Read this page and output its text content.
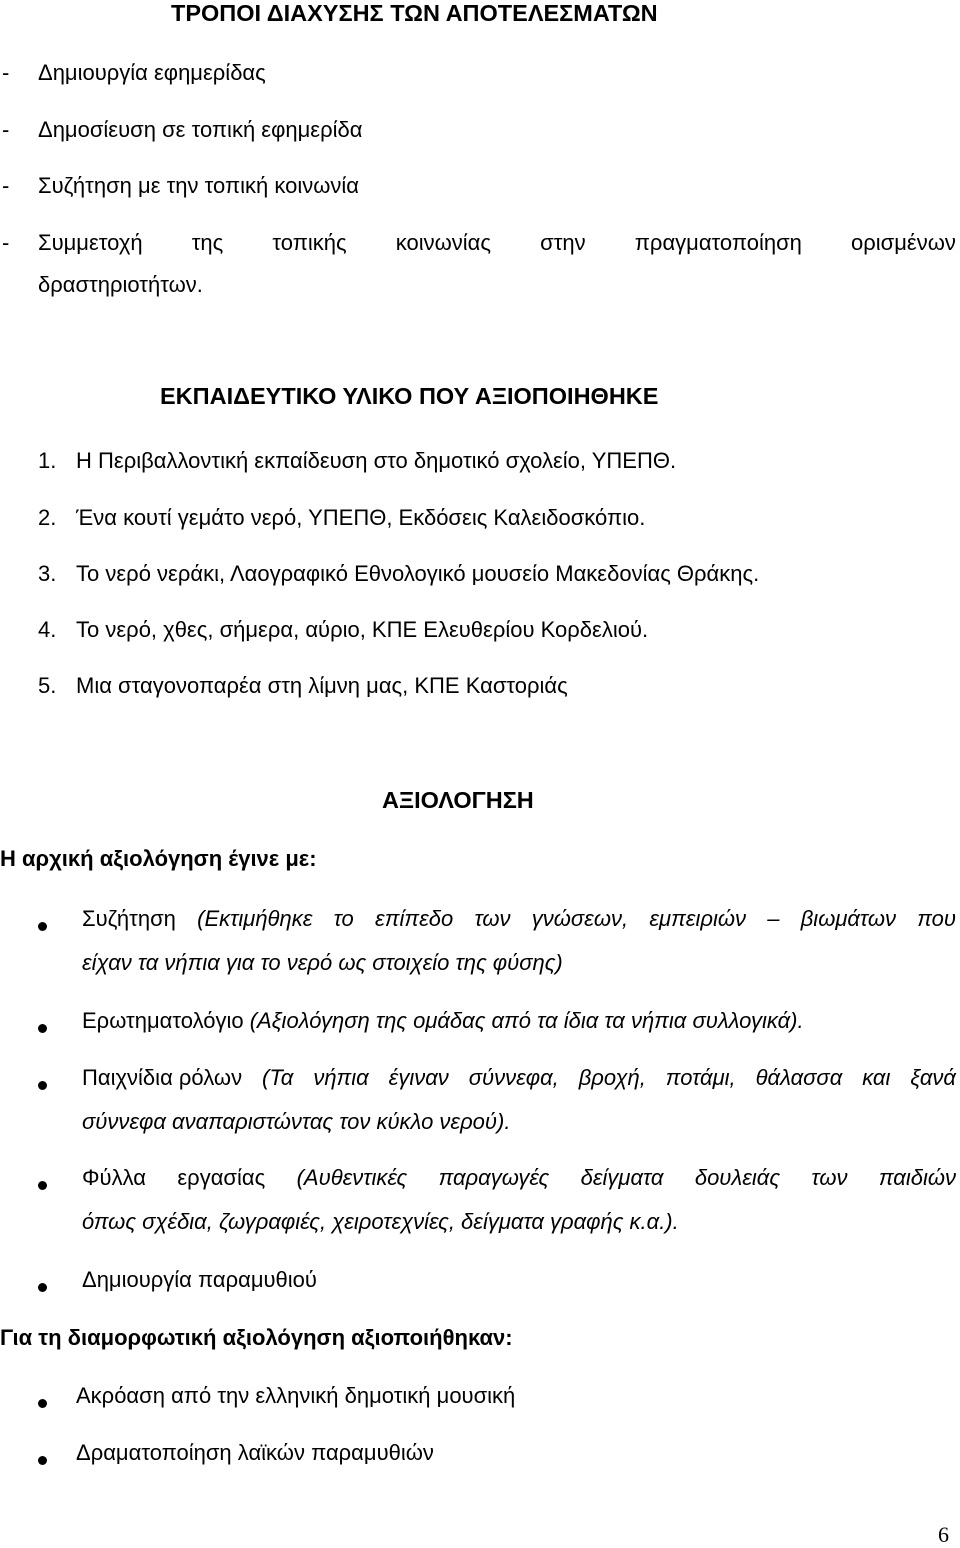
ΤΡΟΠΟΙ ΔΙΑΧΥΣΗΣ ΤΩΝ ΑΠΟΤΕΛΕΣΜΑΤΩΝ
- Δημιουργία εφημερίδας
- Δημοσίευση σε τοπική εφημερίδα
- Συζήτηση με την τοπική κοινωνία
- Συμμετοχή της τοπικής κοινωνίας στην πραγματοποίηση ορισμένων
δραστηριοτήτων.
ΕΚΠΑΙΔΕΥΤΙΚΟ ΥΛΙΚΟ ΠΟΥ ΑΞΙΟΠΟΙΗΘΗΚΕ
1. Η Περιβαλλοντική εκπαίδευση στο δημοτικό σχολείο, ΥΠΕΠΘ.
2. Ένα κουτί γεμάτο νερό, ΥΠΕΠΘ, Εκδόσεις Καλειδοσκόπιο.
3. Το νερό νεράκι, Λαογραφικό Εθνολογικό μουσείο Μακεδονίας Θράκης.
4. Το νερό, χθες, σήμερα, αύριο, ΚΠΕ Ελευθερίου Κορδελιού.
5. Μια σταγονοπαρέα στη λίμνη μας, ΚΠΕ Καστοριάς
ΑΞΙΟΛΟΓΗΣΗ
Η αρχική αξιολόγηση έγινε με:
Συζήτηση (Εκτιμήθηκε το επίπεδο των γνώσεων, εμπειριών – βιωμάτων που
είχαν τα νήπια για το νερό ως στοιχείο της φύσης)
Ερωτηματολόγιο (Αξιολόγηση της ομάδας από τα ίδια τα νήπια συλλογικά).
Παιχνίδια ρόλων (Τα νήπια έγιναν σύννεφα, βροχή, ποτάμι, θάλασσα και ξανά
σύννεφα αναπαριστώντας τον κύκλο νερού).
Φύλλα εργασίας (Αυθεντικές παραγωγές δείγματα δουλειάς των παιδιών
όπως σχέδια, ζωγραφιές, χειροτεχνίες, δείγματα γραφής κ.α.).
Δημιουργία παραμυθιού
Για τη διαμορφωτική αξιολόγηση αξιοποιήθηκαν:
Ακρόαση από την ελληνική δημοτική μουσική
Δραματοποίηση λαϊκών παραμυθιών
6
